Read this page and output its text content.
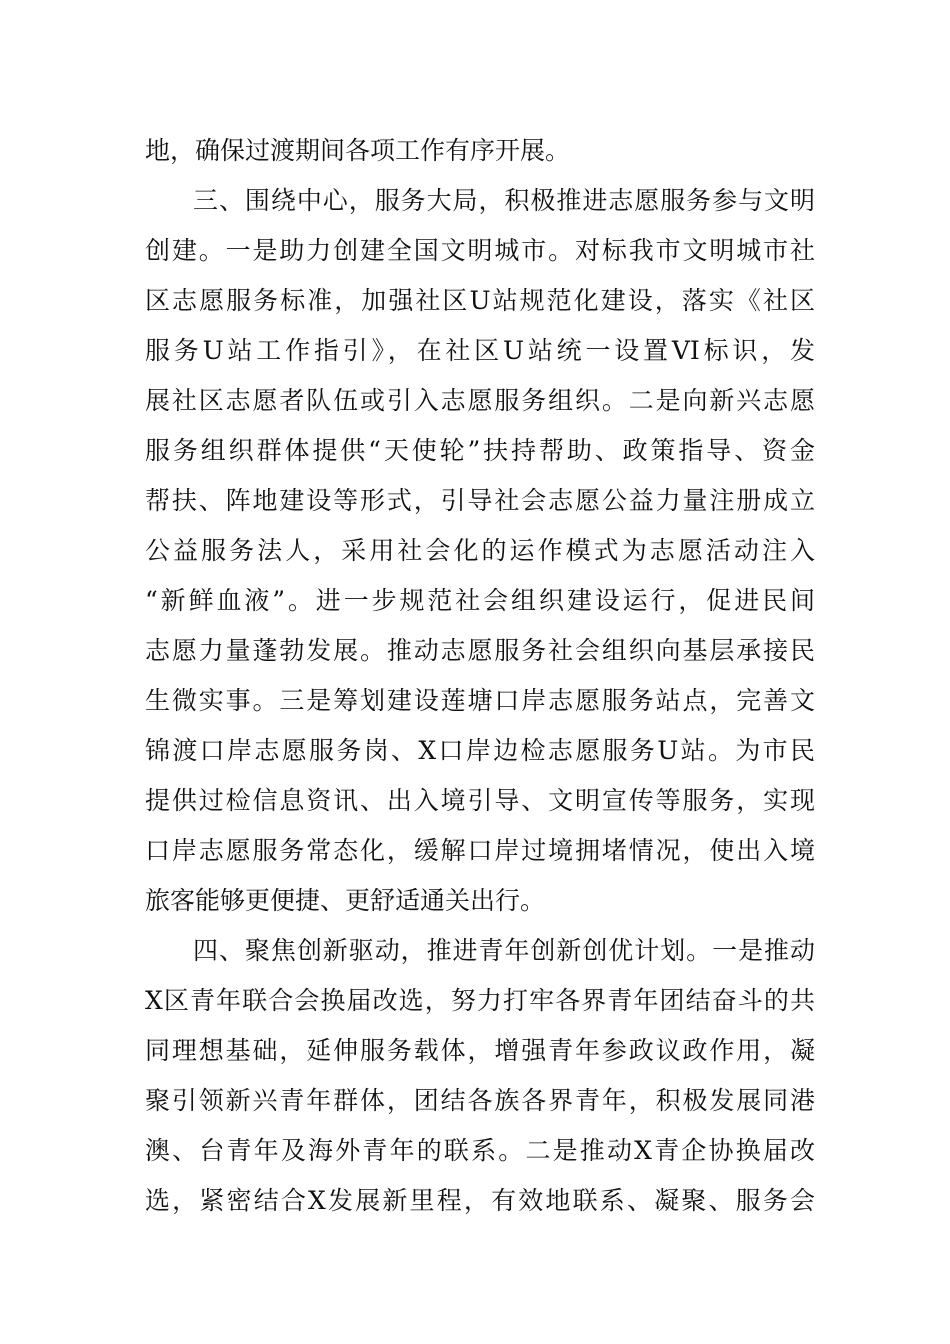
地，确保过渡期间各项工作有序开展。
三、围绕中心，服务大局，积极推进志愿服务参与文明
创建。一是助力创建全国文明城市。对标我市文明城市社
区志愿服务标准，加强社区U站规范化建设，落实《社区
服务U站工作指引》，在社区U站统一设置VI标识，发
展社区志愿者队伍或引入志愿服务组织。二是向新兴志愿
服务组织群体提供“天使轮”扶持帮助、政策指导、资金
帮扶、阵地建设等形式，引导社会志愿公益力量注册成立
公益服务法人，采用社会化的运作模式为志愿活动注入
“新鲜血液”。进一步规范社会组织建设运行，促进民间
志愿力量蓬勃发展。推动志愿服务社会组织向基层承接民
生微实事。三是筹划建设莲塘口岸志愿服务站点，完善文
锦渡口岸志愿服务岗、X口岸边检志愿服务U站。为市民
提供过检信息资讯、出入境引导、文明宣传等服务，实现
口岸志愿服务常态化，缓解口岸过境拥堵情况，使出入境
旅客能够更便捷、更舒适通关出行。
四、聚焦创新驱动，推进青年创新创优计划。一是推动
X区青年联合会换届改选，努力打牢各界青年团结奋斗的共
同理想基础，延伸服务载体，增强青年参政议政作用，凝
聚引领新兴青年群体，团结各族各界青年，积极发展同港
澳、台青年及海外青年的联系。二是推动X青企协换届改
选，紧密结合X发展新里程，有效地联系、凝聚、服务会
